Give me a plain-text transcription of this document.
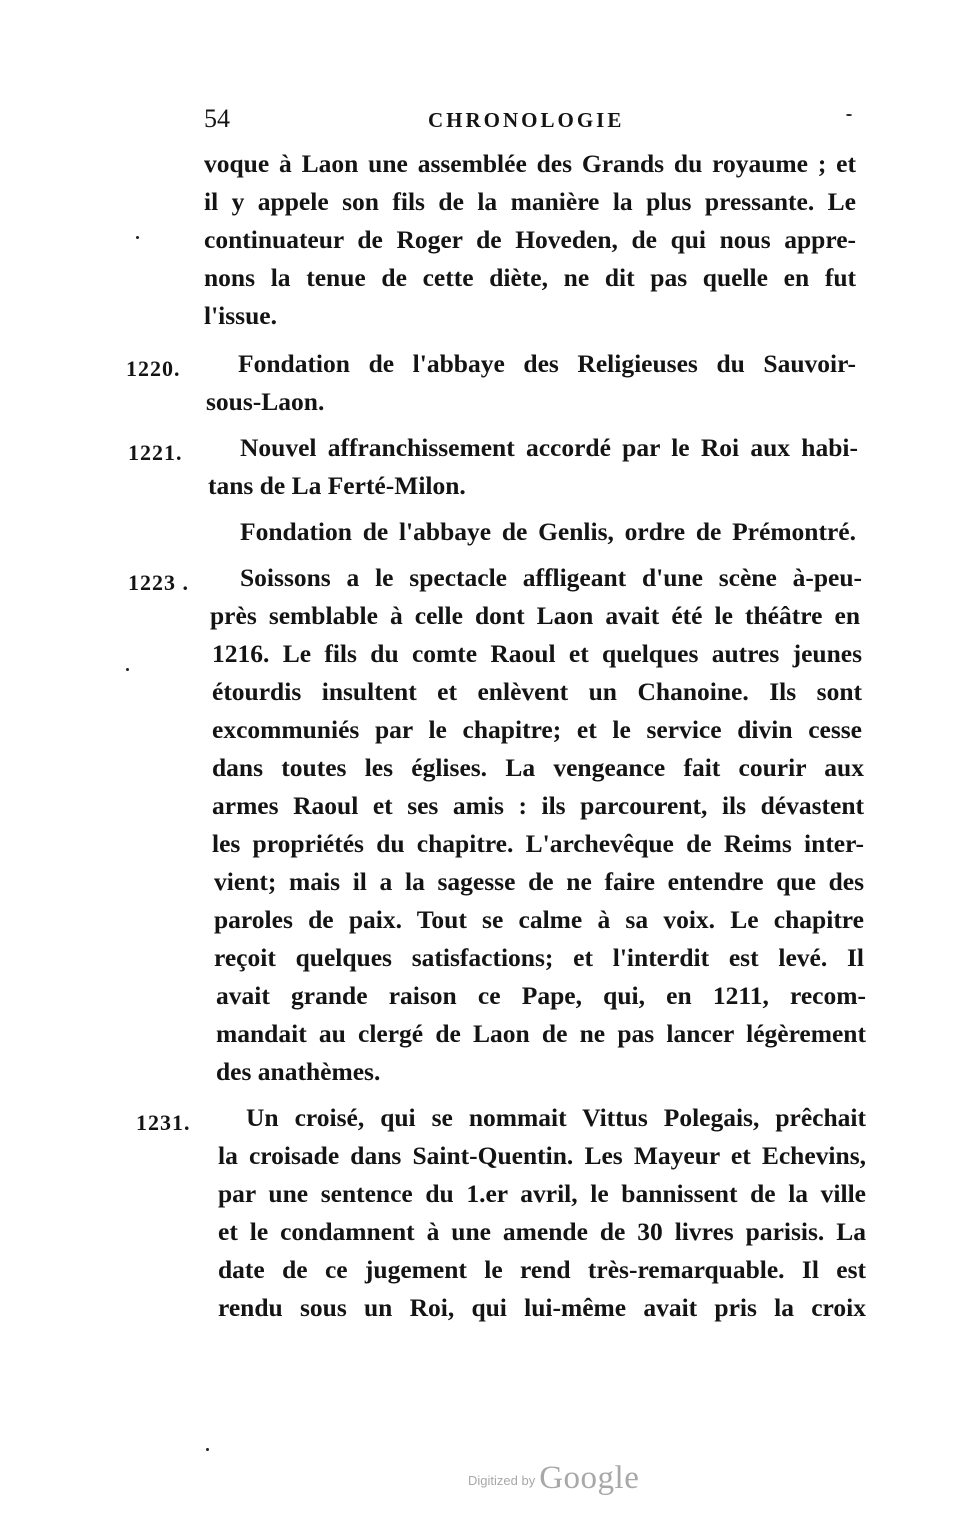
54	CHRONOLOGIE
voque à Laon une assemblée des Grands du royaume ; et
il y appele son fils de la manière la plus pressante. Le
continuateur de Roger de Hoveden, de qui nous appre-
nons la tenue de cette diète, ne dit pas quelle en fut
l'issue.
1220. Fondation de l'abbaye des Religieuses du Sauvoir-
sous-Laon.
1221. Nouvel affranchissement accordé par le Roi aux habi-
tans de La Ferté-Milon.
Fondation de l'abbaye de Genlis, ordre de Prémontré.
1223 . Soissons a le spectacle affligeant d'une scène à-peu-
près semblable à celle dont Laon avait été le théâtre en
1216. Le fils du comte Raoul et quelques autres jeunes
étourdis insultent et enlèvent un Chanoine. Ils sont
excommuniés par le chapitre; et le service divin cesse
dans toutes les églises. La vengeance fait courir aux
armes Raoul et ses amis : ils parcourent, ils dévastent
les propriétés du chapitre. L'archevêque de Reims inter-
vient; mais il a la sagesse de ne faire entendre que des
paroles de paix. Tout se calme à sa voix. Le chapitre
reçoit quelques satisfactions; et l'interdit est levé. Il
avait grande raison ce Pape, qui, en 1211, recom-
mandait au clergé de Laon de ne pas lancer légèrement
des anathèmes.
1231. Un croisé, qui se nommait Vittus Polegais, prêchait
la croisade dans Saint-Quentin. Les Mayeur et Echevins,
par une sentence du 1.er avril, le bannissent de la ville
et le condamnent à une amende de 30 livres parisis. La
date de ce jugement le rend très-remarquable. Il est
rendu sous un Roi, qui lui-même avait pris la croix
Digitized by Google
